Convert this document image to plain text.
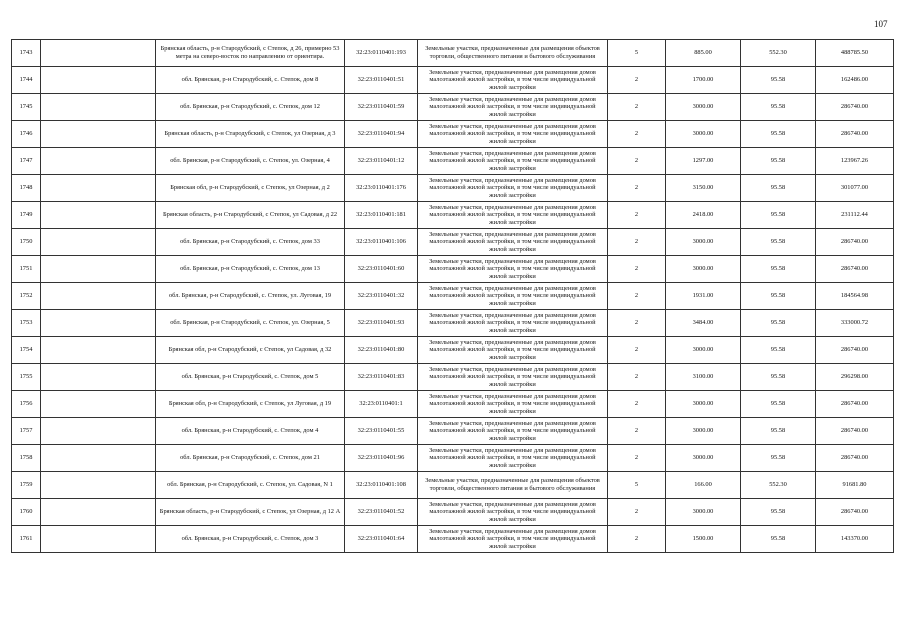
107
1743		Брянская область, р-н Стародубский, с Степок, д 26, примерно 53 метра на северо-восток по направлению от ориентира.	32:23:0110401:193	Земельные участки, предназначенные для размещения объектов торговли, общественного питания и бытового обслуживания	5	885.00	552.30	488785.50
1744		обл. Брянская, р-н Стародубский, с. Степок, дом 8	32:23:0110401:51	Земельные участки, предназначенные для размещения домов малоэтажной жилой застройки, в том числе индивидуальной жилой застройки	2	1700.00	95.58	162486.00
1745		обл. Брянская, р-н Стародубский, с. Степок, дом 12	32:23:0110401:59	Земельные участки, предназначенные для размещения домов малоэтажной жилой застройки, в том числе индивидуальной жилой застройки	2	3000.00	95.58	286740.00
1746		Брянская область, р-н Стародубский, с Степок, ул Озерная, д 3	32:23:0110401:94	Земельные участки, предназначенные для размещения домов малоэтажной жилой застройки, в том числе индивидуальной жилой застройки	2	3000.00	95.58	286740.00
1747		обл. Брянская, р-н Стародубский, с. Степок, ул. Озерная, 4	32:23:0110401:12	Земельные участки, предназначенные для размещения домов малоэтажной жилой застройки, в том числе индивидуальной жилой застройки	2	1297.00	95.58	123967.26
1748		Брянская обл, р-н Стародубский, с Степок, ул Озерная, д 2	32:23:0110401:176	Земельные участки, предназначенные для размещения домов малоэтажной жилой застройки, в том числе индивидуальной жилой застройки	2	3150.00	95.58	301077.00
1749		Брянская область, р-н Стародубский, с Степок, ул Садовая, д 22	32:23:0110401:181	Земельные участки, предназначенные для размещения домов малоэтажной жилой застройки, в том числе индивидуальной жилой застройки	2	2418.00	95.58	231112.44
1750		обл. Брянская, р-н Стародубский, с. Степок, дом 33	32:23:0110401:106	Земельные участки, предназначенные для размещения домов малоэтажной жилой застройки, в том числе индивидуальной жилой застройки	2	3000.00	95.58	286740.00
1751		обл. Брянская, р-н Стародубский, с. Степок, дом 13	32:23:0110401:60	Земельные участки, предназначенные для размещения домов малоэтажной жилой застройки, в том числе индивидуальной жилой застройки	2	3000.00	95.58	286740.00
1752		обл. Брянская, р-н Стародубский, с. Степок, ул. Луговая, 19	32:23:0110401:32	Земельные участки, предназначенные для размещения домов малоэтажной жилой застройки, в том числе индивидуальной жилой застройки	2	1931.00	95.58	184564.98
1753		обл. Брянская, р-н Стародубский, с. Степок, ул. Озерная, 5	32:23:0110401:93	Земельные участки, предназначенные для размещения домов малоэтажной жилой застройки, в том числе индивидуальной жилой застройки	2	3484.00	95.58	333000.72
1754		Брянская обл, р-н Стародубский, с Степок, ул Садовая, д 32	32:23:0110401:80	Земельные участки, предназначенные для размещения домов малоэтажной жилой застройки, в том числе индивидуальной жилой застройки	2	3000.00	95.58	286740.00
1755		обл. Брянская, р-н Стародубский, с. Степок, дом 5	32:23:0110401:83	Земельные участки, предназначенные для размещения домов малоэтажной жилой застройки, в том числе индивидуальной жилой застройки	2	3100.00	95.58	296298.00
1756		Брянская обл, р-н Стародубский, с Степок, ул Луговая, д 19	32:23:0110401:1	Земельные участки, предназначенные для размещения домов малоэтажной жилой застройки, в том числе индивидуальной жилой застройки	2	3000.00	95.58	286740.00
1757		обл. Брянская, р-н Стародубский, с. Степок, дом 4	32:23:0110401:55	Земельные участки, предназначенные для размещения домов малоэтажной жилой застройки, в том числе индивидуальной жилой застройки	2	3000.00	95.58	286740.00
1758		обл. Брянская, р-н Стародубский, с. Степок, дом 21	32:23:0110401:96	Земельные участки, предназначенные для размещения домов малоэтажной жилой застройки, в том числе индивидуальной жилой застройки	2	3000.00	95.58	286740.00
1759		обл. Брянская, р-н Стародубский, с. Степок, ул. Садовая, N 1	32:23:0110401:108	Земельные участки, предназначенные для размещения объектов торговли, общественного питания и бытового обслуживания	5	166.00	552.30	91681.80
1760		Брянская область, р-н Стародубский, с Степок, ул Озерная, д 12 А	32:23:0110401:52	Земельные участки, предназначенные для размещения домов малоэтажной жилой застройки, в том числе индивидуальной жилой застройки	2	3000.00	95.58	286740.00
1761		обл. Брянская, р-н Стародубский, с. Степок, дом 3	32:23:0110401:64	Земельные участки, предназначенные для размещения домов малоэтажной жилой застройки, в том числе индивидуальной жилой застройки	2	1500.00	95.58	143370.00
